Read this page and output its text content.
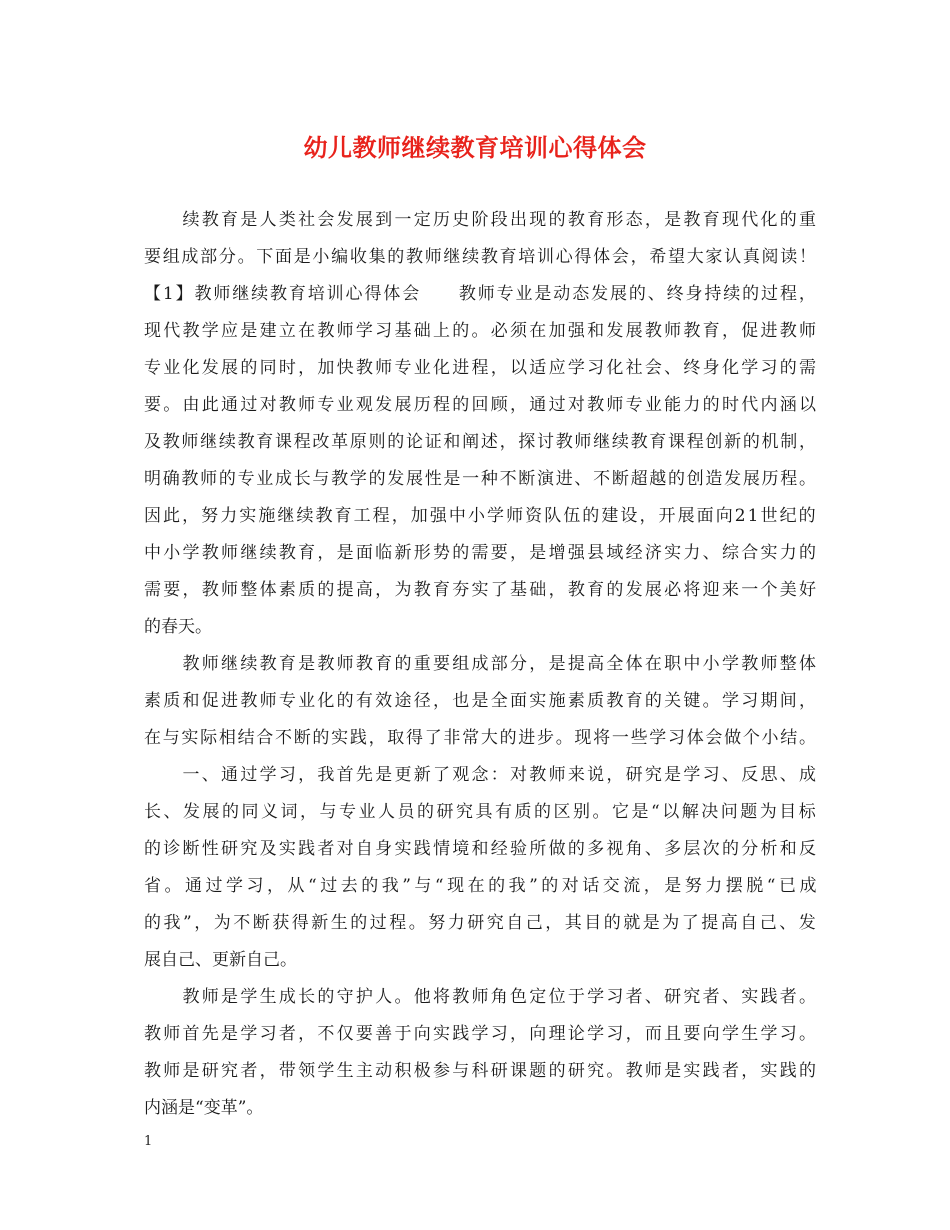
幼儿教师继续教育培训心得体会
　　续教育是人类社会发展到一定历史阶段出现的教育形态，是教育现代化的重
要组成部分。下面是小编收集的教师继续教育培训心得体会，希望大家认真阅读！
【1】教师继续教育培训心得体会　　教师专业是动态发展的、终身持续的过程，
现代教学应是建立在教师学习基础上的。必须在加强和发展教师教育，促进教师
专业化发展的同时，加快教师专业化进程，以适应学习化社会、终身化学习的需
要。由此通过对教师专业观发展历程的回顾，通过对教师专业能力的时代内涵以
及教师继续教育课程改革原则的论证和阐述，探讨教师继续教育课程创新的机制，
明确教师的专业成长与教学的发展性是一种不断演进、不断超越的创造发展历程。
因此，努力实施继续教育工程，加强中小学师资队伍的建设，开展面向21世纪的
中小学教师继续教育，是面临新形势的需要，是增强县域经济实力、综合实力的
需要，教师整体素质的提高，为教育夯实了基础，教育的发展必将迎来一个美好
的春天。
　　教师继续教育是教师教育的重要组成部分，是提高全体在职中小学教师整体
素质和促进教师专业化的有效途径，也是全面实施素质教育的关键。学习期间，
在与实际相结合不断的实践，取得了非常大的进步。现将一些学习体会做个小结。
　　一、通过学习，我首先是更新了观念：对教师来说，研究是学习、反思、成
长、发展的同义词，与专业人员的研究具有质的区别。它是“以解决问题为目标
的诊断性研究及实践者对自身实践情境和经验所做的多视角、多层次的分析和反
省。通过学习，从“过去的我”与“现在的我”的对话交流，是努力摆脱“已成
的我”，为不断获得新生的过程。努力研究自己，其目的就是为了提高自己、发
展自己、更新自己。
　　教师是学生成长的守护人。他将教师角色定位于学习者、研究者、实践者。
教师首先是学习者，不仅要善于向实践学习，向理论学习，而且要向学生学习。
教师是研究者，带领学生主动积极参与科研课题的研究。教师是实践者，实践的
内涵是“变革”。
1
